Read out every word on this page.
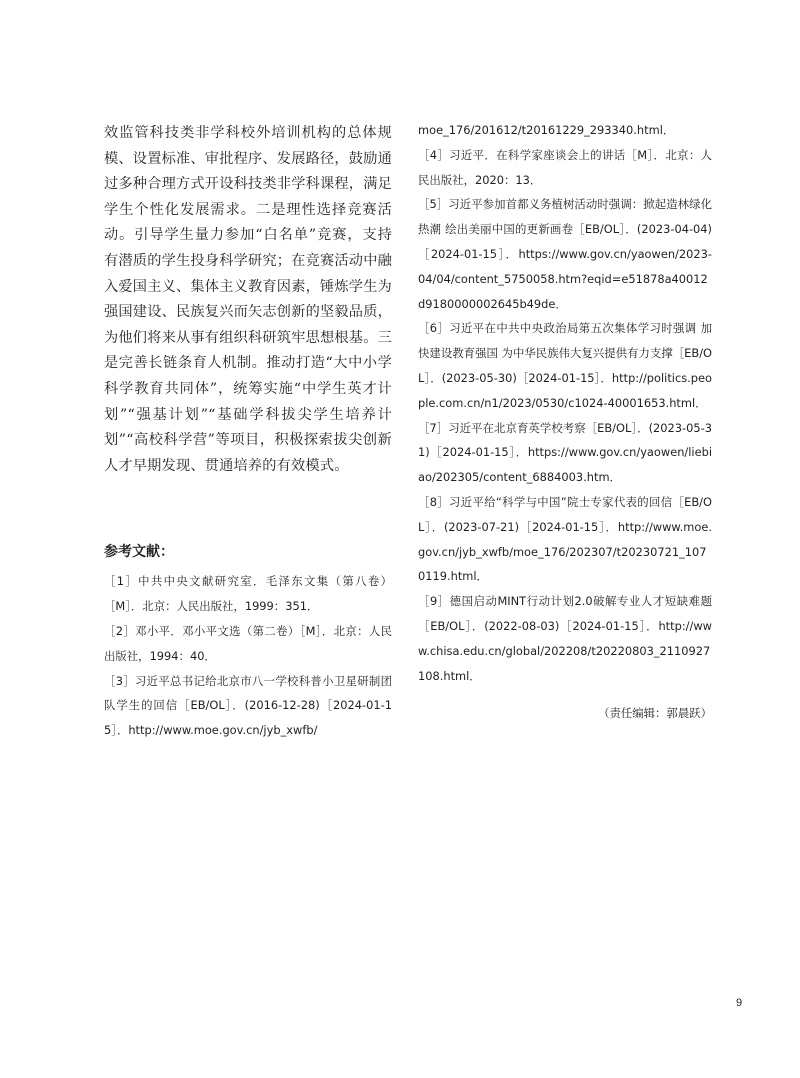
效监管科技类非学科校外培训机构的总体规模、设置标准、审批程序、发展路径，鼓励通过多种合理方式开设科技类非学科课程，满足学生个性化发展需求。二是理性选择竞赛活动。引导学生量力参加“白名单”竞赛，支持有潜质的学生投身科学研究；在竞赛活动中融入爱国主义、集体主义教育因素，锤炼学生为强国建设、民族复兴而矢志创新的坚毅品质，为他们将来从事有组织科研筑牢思想根基。三是完善长链条育人机制。推动打造“大中小学科学教育共同体”，统筹实施“中学生英才计划”“强基计划”“基础学科拔尖学生培养计划”“高校科学营”等项目，积极探索拔尖创新人才早期发现、贯通培养的有效模式。

参考文献：
［1］中共中央文献研究室．毛泽东文集（第八卷）［M］．北京：人民出版社，1999：351．
［2］邓小平．邓小平文选（第二卷）［M］．北京：人民出版社，1994：40．
［3］习近平总书记给北京市八一学校科普小卫星研制团队学生的回信［EB/OL］．(2016-12-28)［2024-01-15］．http://www.moe.gov.cn/jyb_xwfb/
moe_176/201612/t20161229_293340.html．
［4］习近平．在科学家座谈会上的讲话［M］．北京：人民出版社，2020：13．
［5］习近平参加首都义务植树活动时强调：掀起造林绿化热潮 绘出美丽中国的更新画卷［EB/OL］．(2023-04-04)［2024-01-15］．https://www.gov.cn/yaowen/2023-04/04/content_5750058.htm?eqid=e51878a40012d9180000002645b49de．
［6］习近平在中共中央政治局第五次集体学习时强调 加快建设教育强国 为中华民族伟大复兴提供有力支撑［EB/OL］．(2023-05-30)［2024-01-15］．http://politics.people.com.cn/n1/2023/0530/c1024-40001653.html．
［7］习近平在北京育英学校考察［EB/OL］．(2023-05-31)［2024-01-15］．https://www.gov.cn/yaowen/liebiao/202305/content_6884003.htm．
［8］习近平给“科学与中国”院士专家代表的回信［EB/OL］．(2023-07-21)［2024-01-15］．http://www.moe.gov.cn/jyb_xwfb/moe_176/202307/t20230721_1070119.html．
［9］德国启动MINT行动计划2.0破解专业人才短缺难题［EB/OL］．(2022-08-03)［2024-01-15］．http://www.chisa.edu.cn/global/202208/t20220803_2110927108.html．
（责任编辑：郭晨跃）
9
